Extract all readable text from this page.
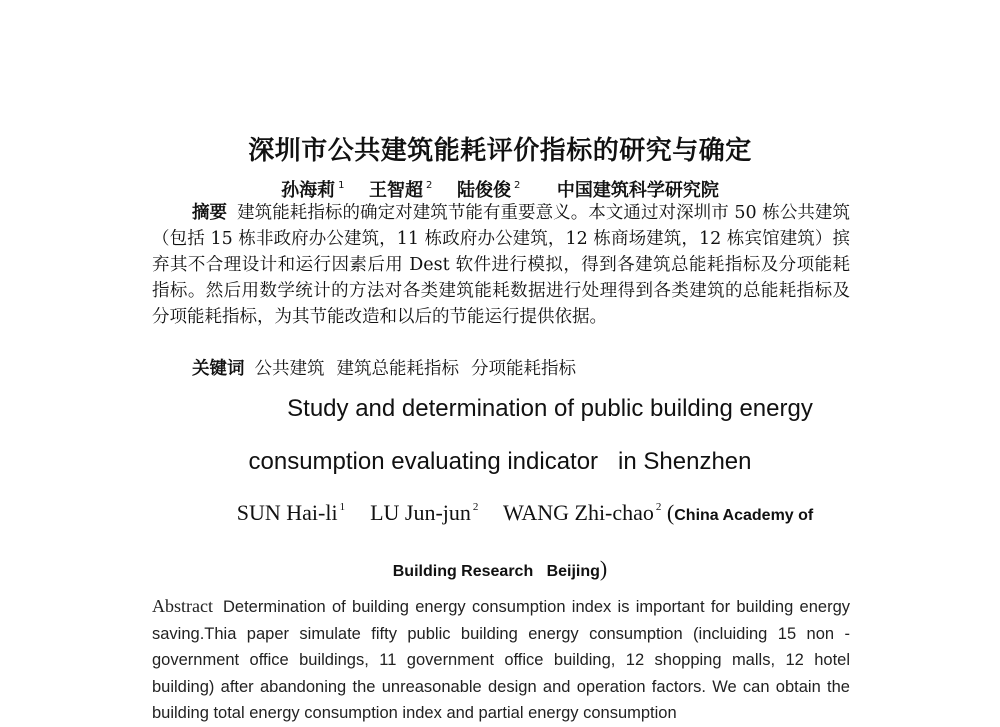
深圳市公共建筑能耗评价指标的研究与确定
孙海莉 $^1$ 王智超 $^2$ 陆俊俊 $^2$ 中国建筑科学研究院
摘要 建筑能耗指标的确定对建筑节能有重要意义。本文通过对深圳市 50 栋公共建筑（包括 15 栋非政府办公建筑，11 栋政府办公建筑，12 栋商场建筑，12 栋宾馆建筑）摈弃其不合理设计和运行因素后用 Dest 软件进行模拟，得到各建筑总能耗指标及分项能耗指标。然后用数学统计的方法对各类建筑能耗数据进行处理得到各类建筑的总能耗指标及分项能耗指标，为其节能改造和以后的节能运行提供依据。
关键词 公共建筑 建筑总能耗指标 分项能耗指标
Study and determination of public building energy
consumption evaluating indicator   in Shenzhen
SUN Hai-li $^1$ LU Jun-jun $^2$ WANG Zhi-chao $^2$ (China Academy of
Building Research   Beijing)
Abstract Determination of building energy consumption index is important for building energy saving.Thia paper simulate fifty public building energy consumption (incluiding 15 non - government office buildings, 11 government office building, 12 shopping malls, 12 hotel building) after abandoning the unreasonable design and operation factors. We can obtain the building total energy consumption index and partial energy consumption
